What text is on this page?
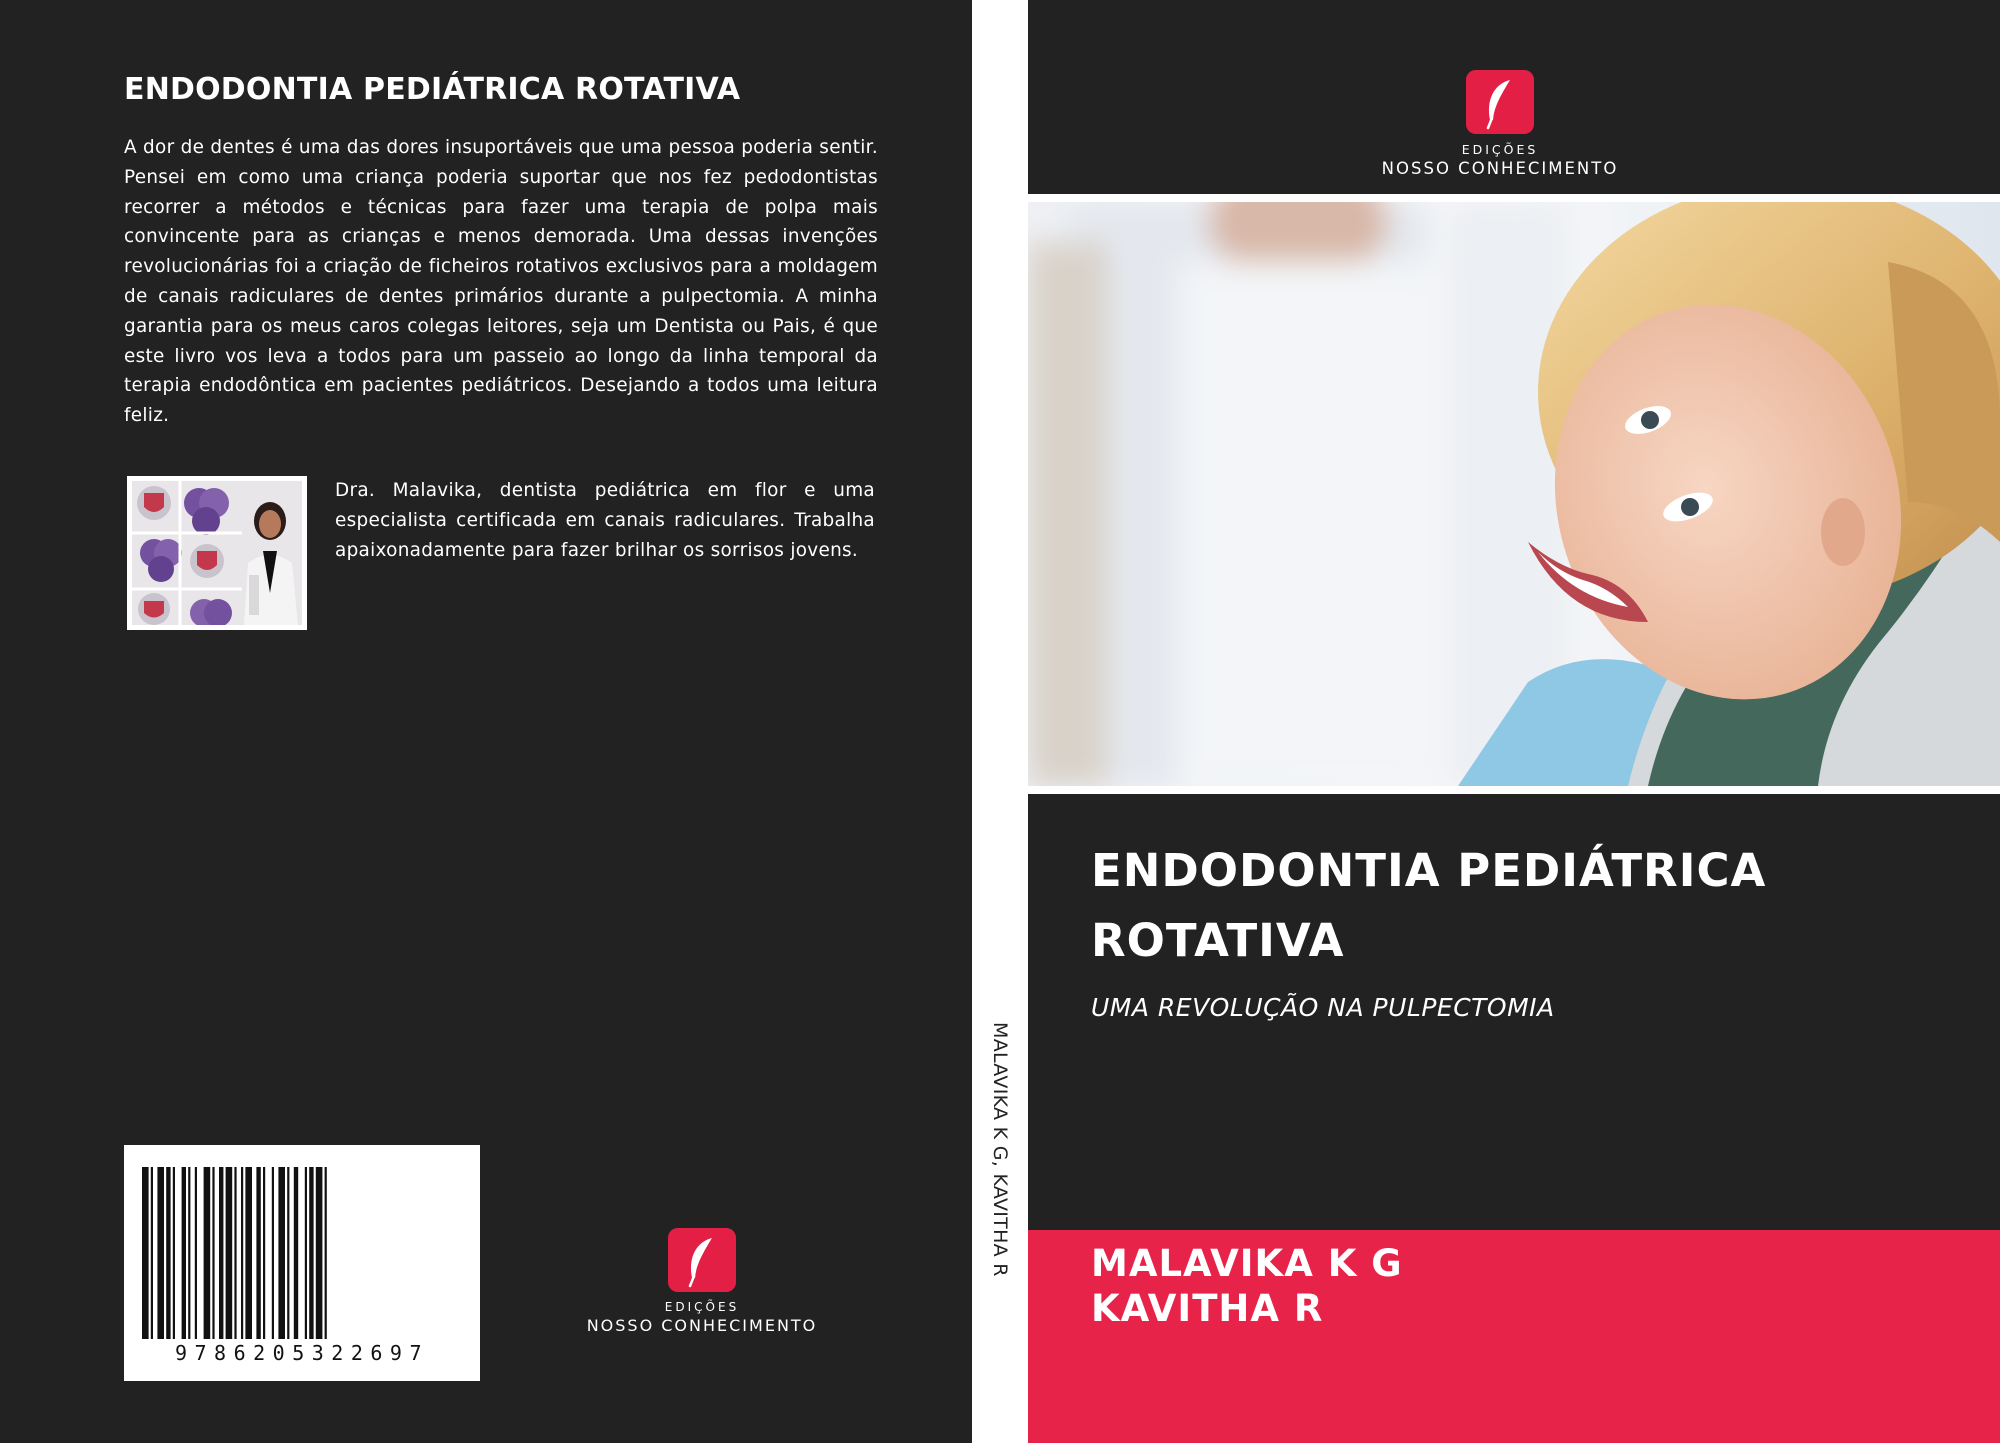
ENDODONTIA PEDIÁTRICA ROTATIVA

A dor de dentes é uma das dores insuportáveis que uma pessoa poderia sentir. Pensei em como uma criança poderia suportar que nos fez pedodontistas recorrer a métodos e técnicas para fazer uma terapia de polpa mais convincente para as crianças e menos demorada. Uma dessas invenções revolucionárias foi a criação de ficheiros rotativos exclusivos para a moldagem de canais radiculares de dentes primários durante a pulpectomia. A minha garantia para os meus caros colegas leitores, seja um Dentista ou Pais, é que este livro vos leva a todos para um passeio ao longo da linha temporal da terapia endodôntica em pacientes pediátricos. Desejando a todos uma leitura feliz.

Dra. Malavika, dentista pediátrica em flor e uma especialista certificada em canais radiculares. Trabalha apaixonadamente para fazer brilhar os sorrisos jovens.

9786205322697
EDIÇÕES
NOSSO CONHECIMENTO
MALAVIKA K G, KAVITHA R
EDIÇÕES
NOSSO CONHECIMENTO
ENDODONTIA PEDIÁTRICA ROTATIVA

UMA REVOLUÇÃO NA PULPECTOMIA

MALAVIKA K G

KAVITHA R
